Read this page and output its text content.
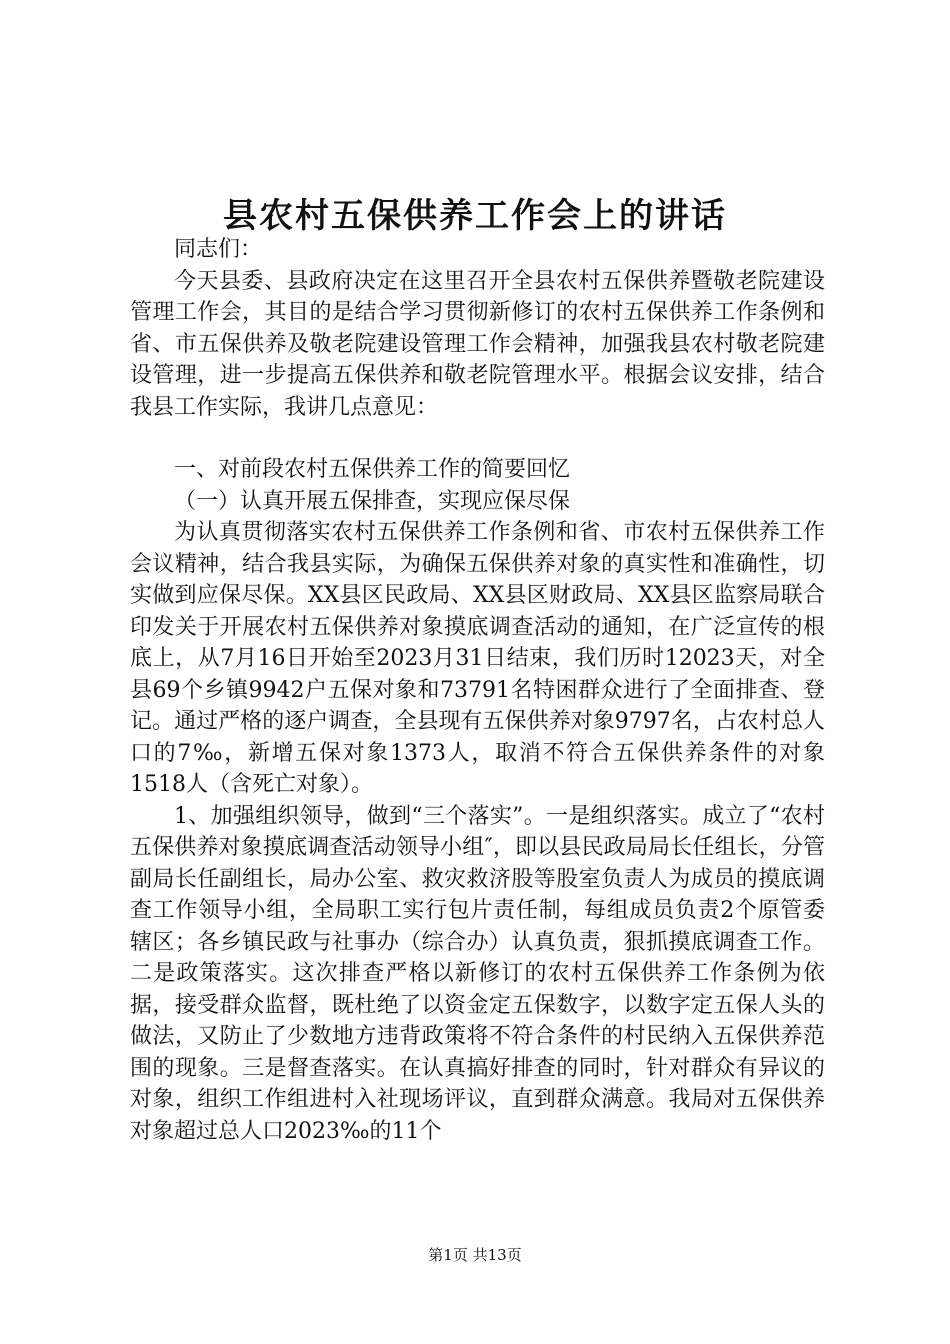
县农村五保供养工作会上的讲话

同志们：

今天县委、县政府决定在这里召开全县农村五保供养暨敬老院建设管理工作会，其目的是结合学习贯彻新修订的农村五保供养工作条例和省、市五保供养及敬老院建设管理工作会精神，加强我县农村敬老院建设管理，进一步提高五保供养和敬老院管理水平。根据会议安排，结合我县工作实际，我讲几点意见：

一、对前段农村五保供养工作的简要回忆

（一）认真开展五保排查，实现应保尽保

为认真贯彻落实农村五保供养工作条例和省、市农村五保供养工作会议精神，结合我县实际，为确保五保供养对象的真实性和准确性，切实做到应保尽保。XX县区民政局、XX县区财政局、XX县区监察局联合印发关于开展农村五保供养对象摸底调查活动的通知，在广泛宣传的根底上，从7月16日开始至2023月31日结束，我们历时12023天，对全县69个乡镇9942户五保对象和73791名特困群众进行了全面排查、登记。通过严格的逐户调查，全县现有五保供养对象9797名，占农村总人口的7‰，新增五保对象1373人，取消不符合五保供养条件的对象1518人（含死亡对象）。

1、加强组织领导，做到“三个落实”。一是组织落实。成立了“农村五保供养对象摸底调查活动领导小组″，即以县民政局局长任组长，分管副局长任副组长，局办公室、救灾救济股等股室负责人为成员的摸底调查工作领导小组，全局职工实行包片责任制，每组成员负责2个原管委辖区；各乡镇民政与社事办（综合办）认真负责，狠抓摸底调查工作。二是政策落实。这次排查严格以新修订的农村五保供养工作条例为依据，接受群众监督，既杜绝了以资金定五保数字，以数字定五保人头的做法，又防止了少数地方违背政策将不符合条件的村民纳入五保供养范围的现象。三是督查落实。在认真搞好排查的同时，针对群众有异议的对象，组织工作组进村入社现场评议，直到群众满意。我局对五保供养对象超过总人口2023‰的11个

第1页 共13页
